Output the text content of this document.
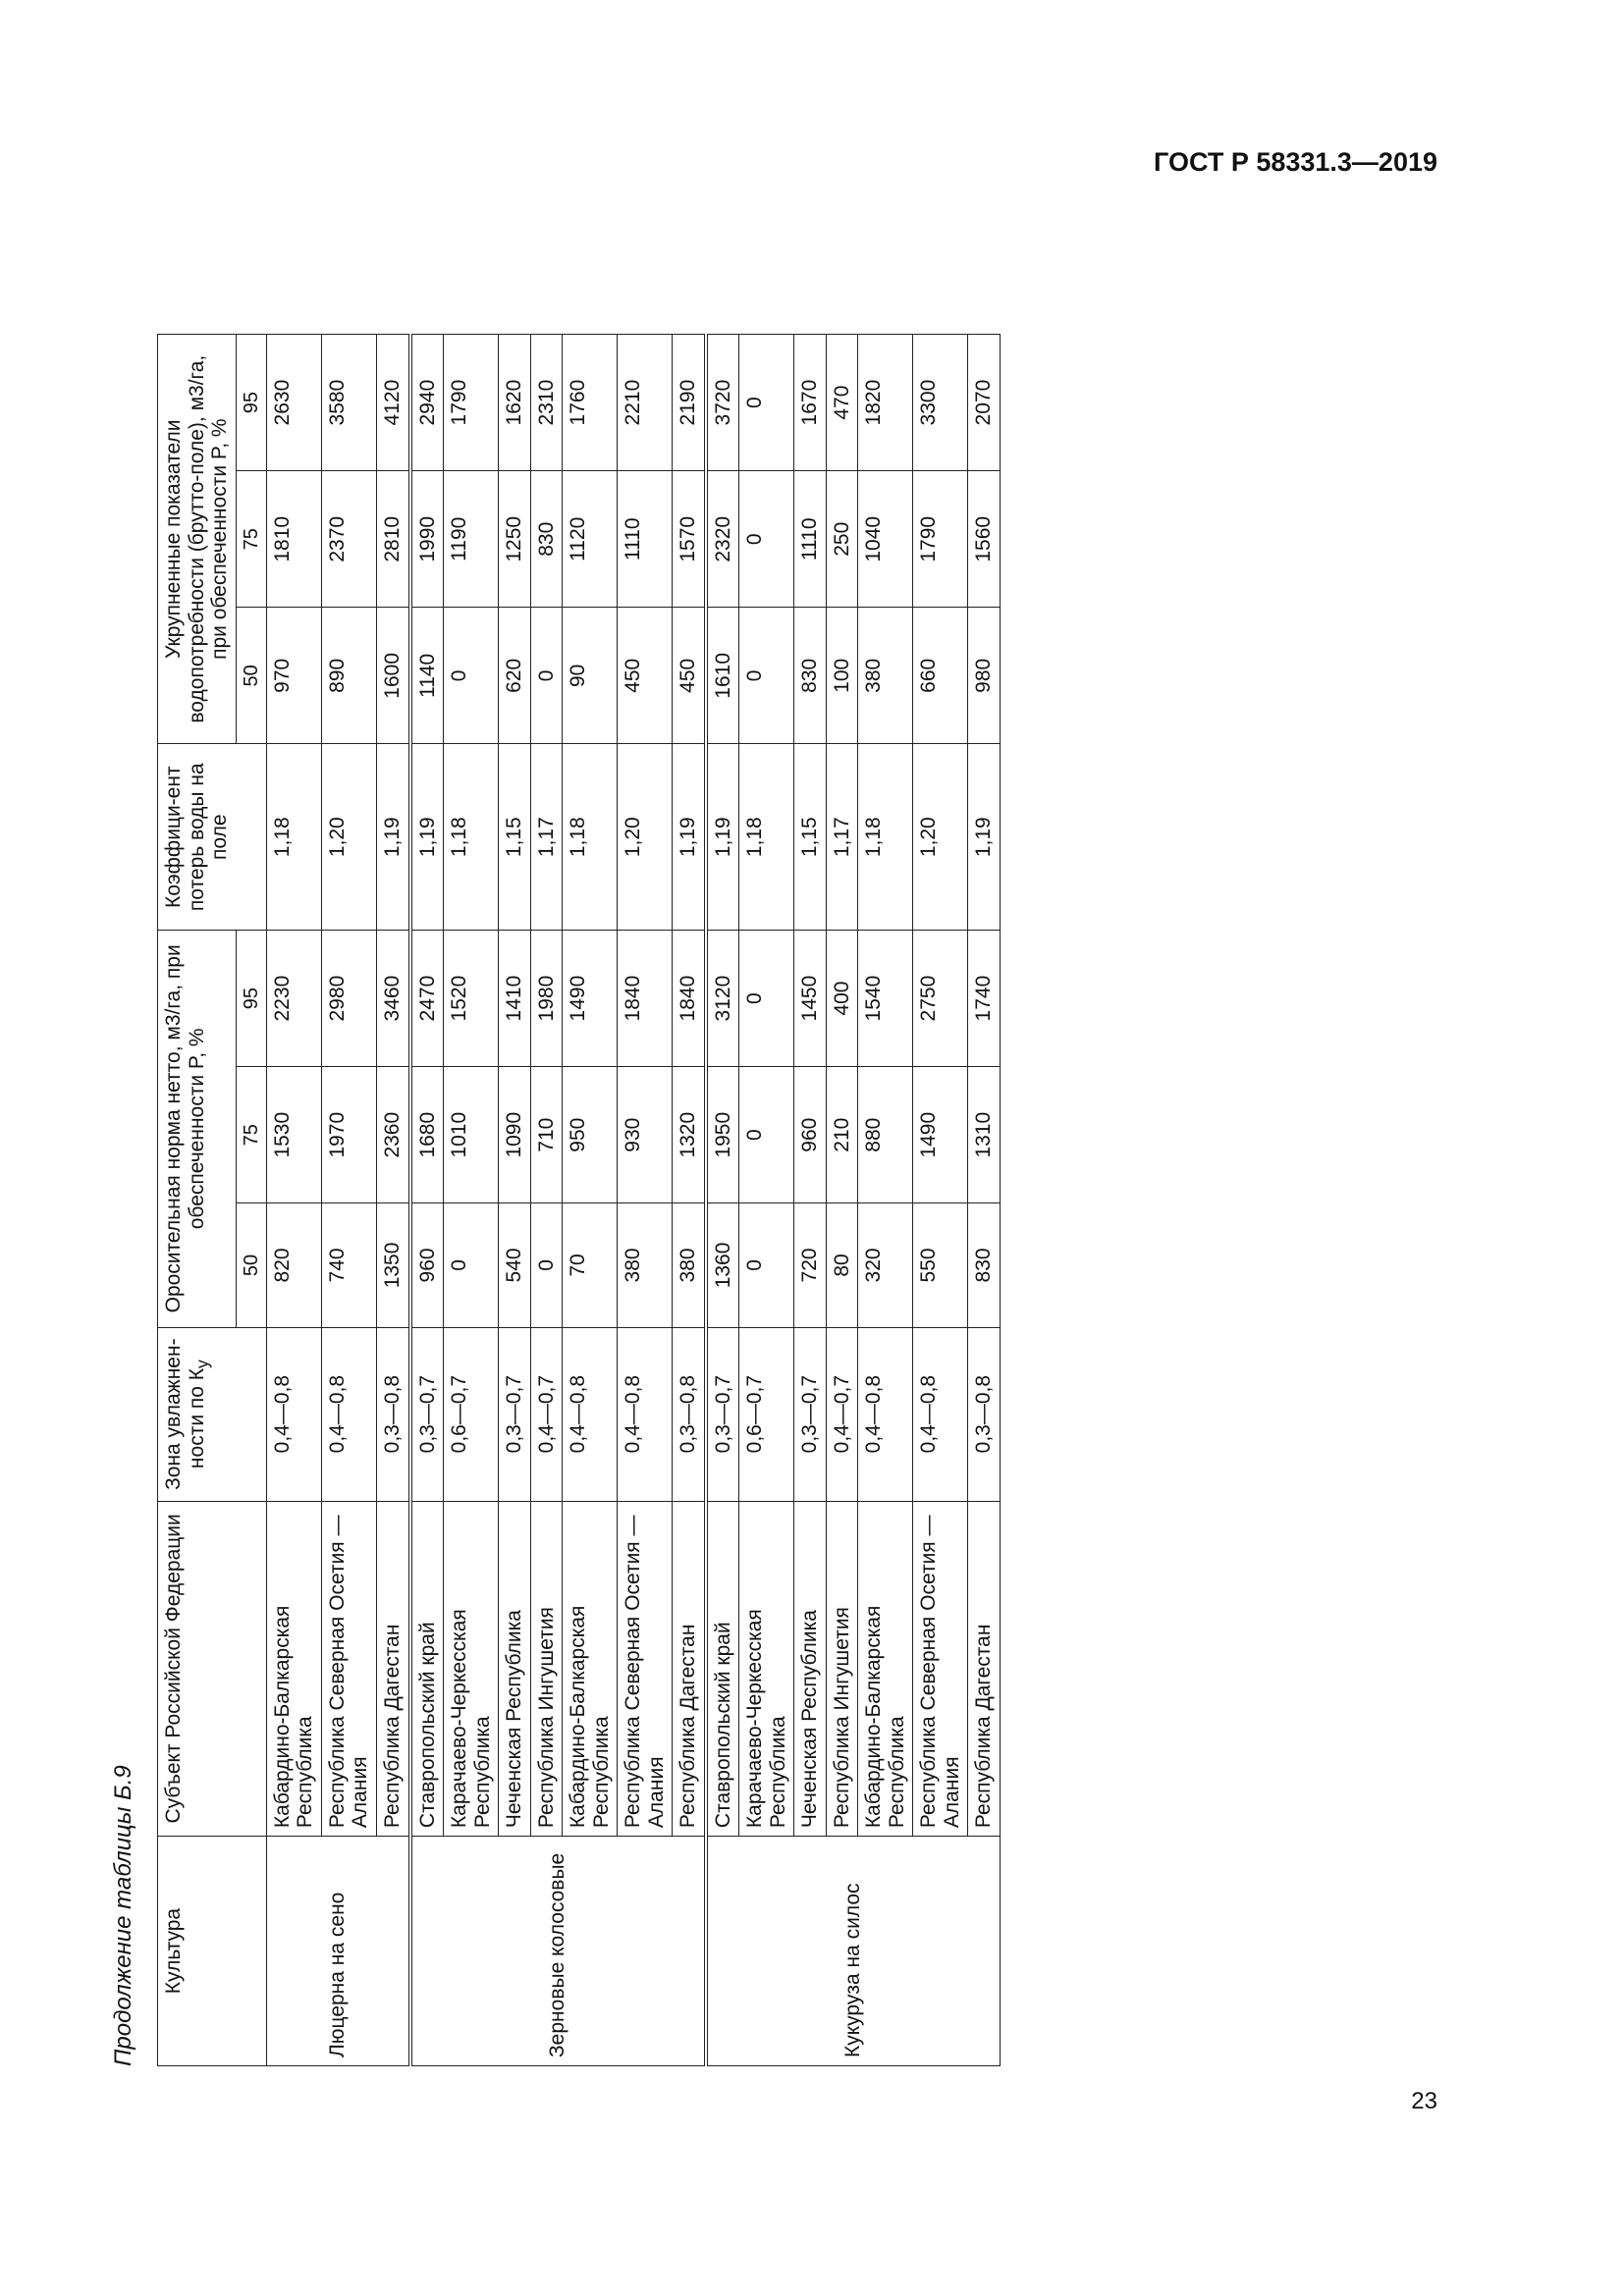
ГОСТ Р 58331.3—2019
Продолжение таблицы Б.9 Культура	Субъект Российской Федерации	Зона увлажнен-ности по $К_у$	Оросительная норма нетто, м3/га, при обеспеченности P, %			Коэффици-ент потерь воды на поле	Укрупненные показатели водопотребности (брутто-поле), м3/га, при обеспеченности P, %		
			50	75	95		50	75	95
Люцерна на сено	Кабардино-Балкарская Республика	0,4—0,8	820	1530	2230	1,18	970	1810	2630
	Республика Северная Осетия — Алания	0,4—0,8	740	1970	2980	1,20	890	2370	3580
	Республика Дагестан	0,3—0,8	1350	2360	3460	1,19	1600	2810	4120
Зерновые колосовые	Ставропольский край	0,3—0,7	960	1680	2470	1,19	1140	1990	2940
	Карачаево-Черкесская Республика	0,6—0,7	0	1010	1520	1,18	0	1190	1790
	Чеченская Республика	0,3—0,7	540	1090	1410	1,15	620	1250	1620
	Республика Ингушетия	0,4—0,7	0	710	1980	1,17	0	830	2310
	Кабардино-Балкарская Республика	0,4—0,8	70	950	1490	1,18	90	1120	1760
	Республика Северная Осетия — Алания	0,4—0,8	380	930	1840	1,20	450	1110	2210
	Республика Дагестан	0,3—0,8	380	1320	1840	1,19	450	1570	2190
Кукуруза на силос	Ставропольский край	0,3—0,7	1360	1950	3120	1,19	1610	2320	3720
	Карачаево-Черкесская Республика	0,6—0,7	0	0	0	1,18	0	0	0
	Чеченская Республика	0,3—0,7	720	960	1450	1,15	830	1110	1670
	Республика Ингушетия	0,4—0,7	80	210	400	1,17	100	250	470
	Кабардино-Балкарская Республика	0,4—0,8	320	880	1540	1,18	380	1040	1820
	Республика Северная Осетия — Алания	0,4—0,8	550	1490	2750	1,20	660	1790	3300
	Республика Дагестан	0,3—0,8	830	1310	1740	1,19	980	1560	2070
23
